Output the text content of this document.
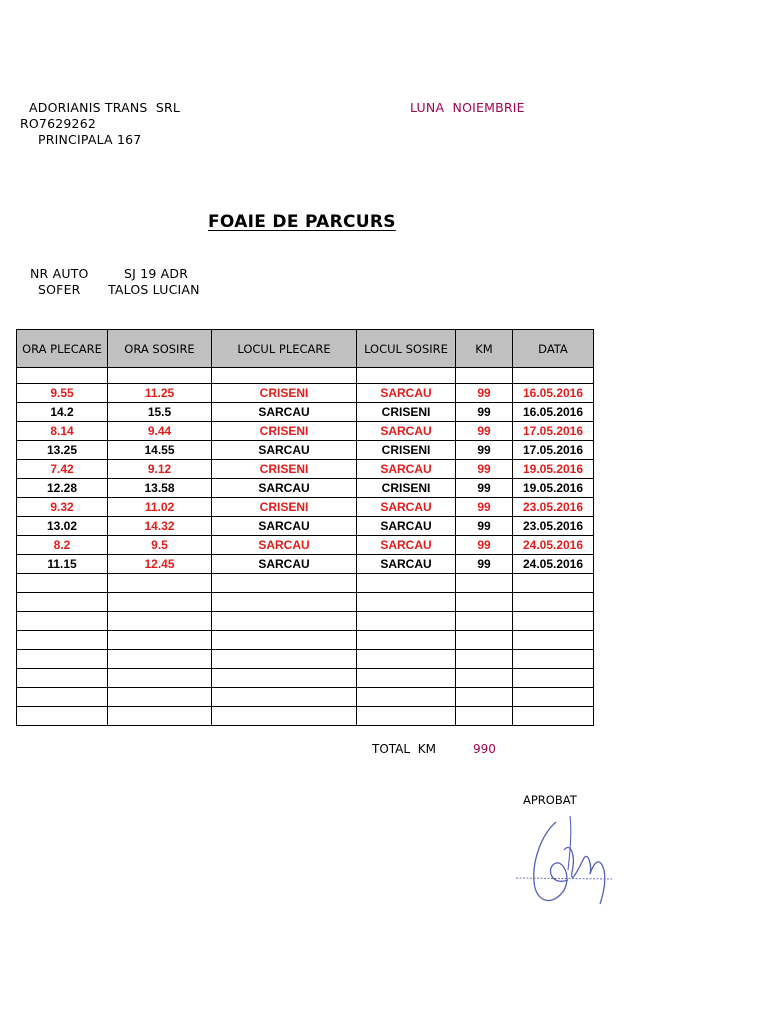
ADORIANIS TRANS  SRL
RO7629262
PRINCIPALA 167
LUNA  NOIEMBRIE
FOAIE DE PARCURS
NR AUTO	SJ 19 ADR
SOFER TALOS LUCIAN
ORA PLECARE	ORA SOSIRE	LOCUL PLECARE	LOCUL SOSIRE	KM	DATA

9.55	11.25	CRISENI	SARCAU	99	16.05.2016
14.2	15.5	SARCAU	CRISENI	99	16.05.2016
8.14	9.44	CRISENI	SARCAU	99	17.05.2016
13.25	14.55	SARCAU	CRISENI	99	17.05.2016
7.42	9.12	CRISENI	SARCAU	99	19.05.2016
12.28	13.58	SARCAU	CRISENI	99	19.05.2016
9.32	11.02	CRISENI	SARCAU	99	23.05.2016
13.02	14.32	SARCAU	SARCAU	99	23.05.2016
8.2	9.5	SARCAU	SARCAU	99	24.05.2016
11.15	12.45	SARCAU	SARCAU	99	24.05.2016

TOTAL  KM	990
APROBAT
